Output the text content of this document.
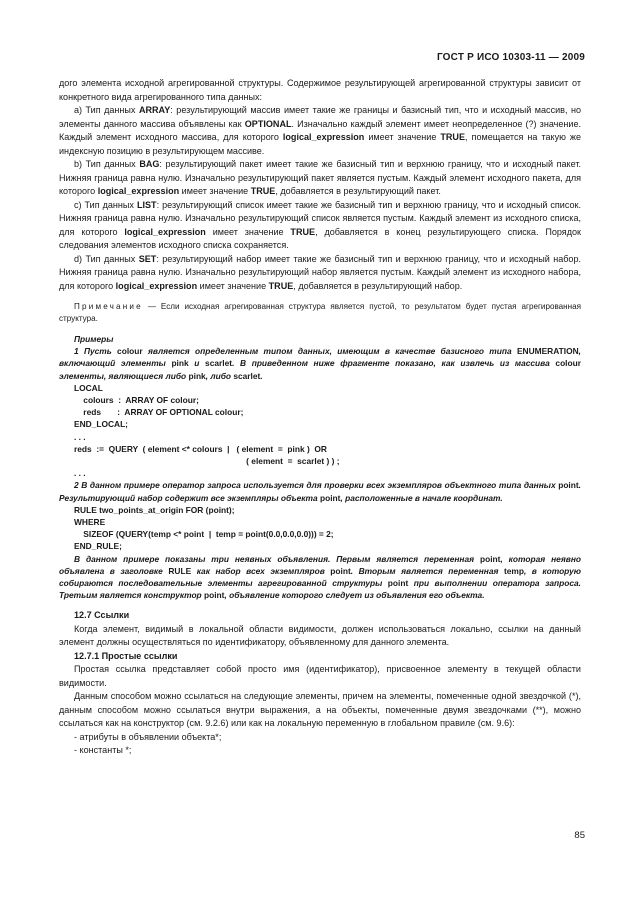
ГОСТ Р ИСО 10303-11 — 2009

дого элемента исходной агрегированной структуры. Содержимое результирующей агрегированной структуры зависит от конкретного вида агрегированного типа данных:

a) Тип данных ARRAY: результирующий массив имеет такие же границы и базисный тип, что и исходный массив, но элементы данного массива объявлены как OPTIONAL. Изначально каждый элемент имеет неопределенное (?) значение. Каждый элемент исходного массива, для которого logical_expression имеет значение TRUE, помещается на такую же индексную позицию в результирующем массиве.

b) Тип данных BAG: результирующий пакет имеет такие же базисный тип и верхнюю границу, что и исходный пакет. Нижняя граница равна нулю. Изначально результирующий пакет является пустым. Каждый элемент исходного пакета, для которого logical_expression имеет значение TRUE, добавляется в результирующий пакет.

c) Тип данных LIST: результирующий список имеет такие же базисный тип и верхнюю границу, что и исходный список. Нижняя граница равна нулю. Изначально результирующий список является пустым. Каждый элемент из исходного списка, для которого logical_expression имеет значение TRUE, добавляется в конец результирующего списка. Порядок следования элементов исходного списка сохраняется.

d) Тип данных SET: результирующий набор имеет такие же базисный тип и верхнюю границу, что и исходный набор. Нижняя граница равна нулю. Изначально результирующий набор является пустым. Каждый элемент из исходного набора, для которого logical_expression имеет значение TRUE, добавляется в результирующий набор.

Примечание — Если исходная агрегированная структура является пустой, то результатом будет пустая агрегированная структура.

Примеры

1 Пусть colour является определенным типом данных, имеющим в качестве базисного типа ENUMERATION, включающий элементы pink и scarlet. В приведенном ниже фрагменте показано, как извлечь из массива colour элементы, являющиеся либо pink, либо scarlet.

LOCAL
colours  :  ARRAY OF colour;
reds       :  ARRAY OF OPTIONAL colour;
END_LOCAL;
. . .
reds  :=  QUERY  ( element <* colours  |   ( element  =  pink )  OR
( element  =  scarlet ) ) ;
. . .

2 В данном примере оператор запроса используется для проверки всех экземпляров объектного типа данных point. Результирующий набор содержит все экземпляры объекта point, расположенные в начале координат.

RULE two_points_at_origin FOR (point);
WHERE
SIZEOF (QUERY(temp <* point  |  temp = point(0.0,0.0,0.0))) = 2;
END_RULE;

В данном примере показаны три неявных объявления. Первым является переменная point, которая неявно объявлена в заголовке RULE как набор всех экземпляров point. Вторым является переменная temp, в которую собираются последовательные элементы агрегированной структуры point при выполнении оператора запроса. Третьим является конструктор point, объявление которого следует из объявления его объекта.

12.7 Ссылки

Когда элемент, видимый в локальной области видимости, должен использоваться локально, ссылки на данный элемент должны осуществляться по идентификатору, объявленному для данного элемента.

12.7.1 Простые ссылки

Простая ссылка представляет собой просто имя (идентификатор), присвоенное элементу в текущей области видимости.

Данным способом можно ссылаться на следующие элементы, причем на элементы, помеченные одной звездочкой (*), данным способом можно ссылаться внутри выражения, а на объекты, помеченные двумя звездочками (**), можно ссылаться как на конструктор (см. 9.2.6) или как на локальную переменную в глобальном правиле (см. 9.6):

- атрибуты в объявлении объекта*;

- константы *;

85
